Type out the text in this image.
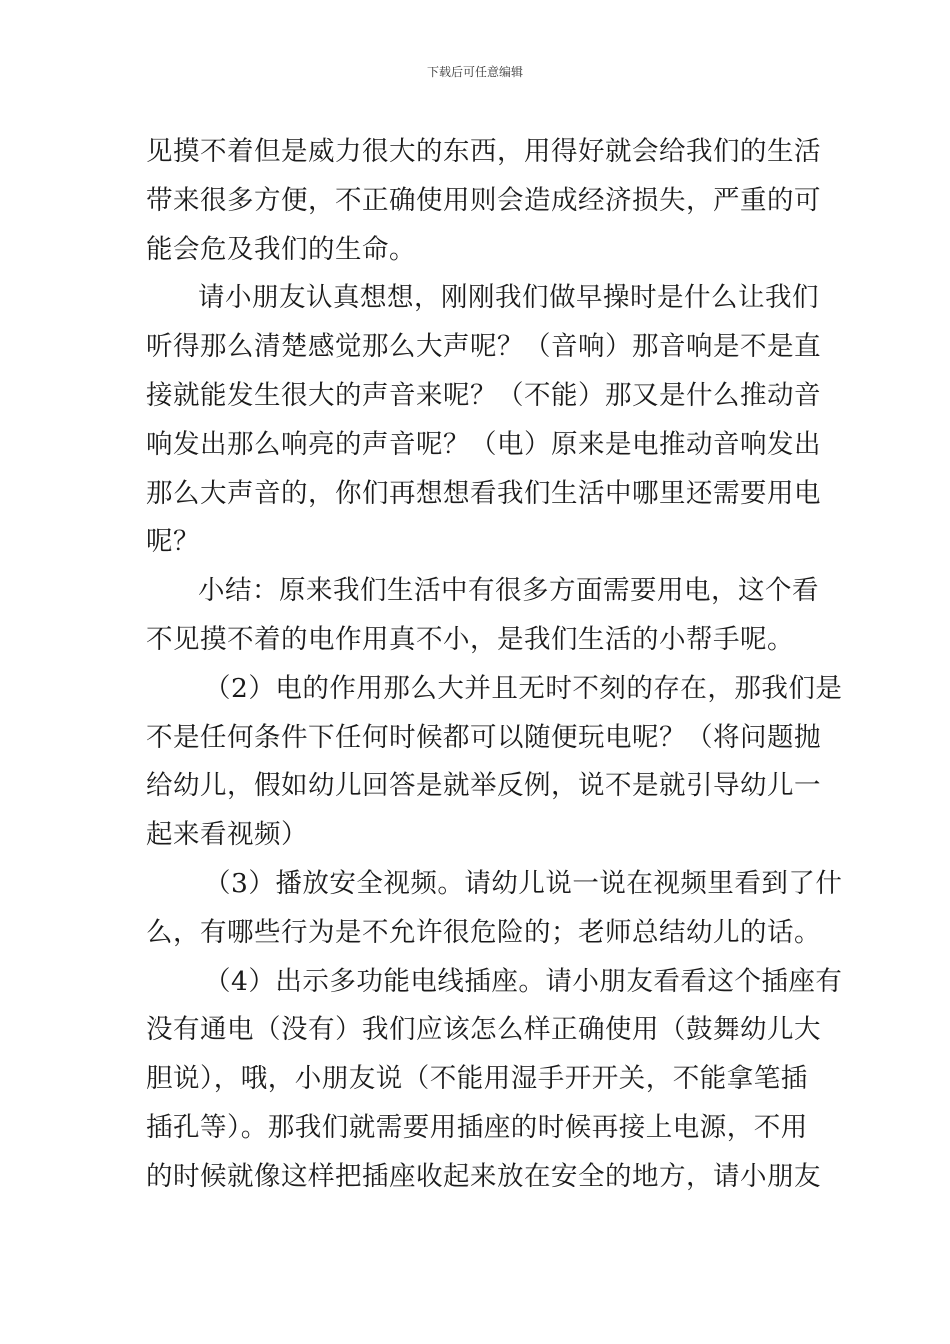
下载后可任意编辑
见摸不着但是威力很大的东西，用得好就会给我们的生活
带来很多方便，不正确使用则会造成经济损失，严重的可
能会危及我们的生命。
请小朋友认真想想，刚刚我们做早操时是什么让我们
听得那么清楚感觉那么大声呢？（音响）那音响是不是直
接就能发生很大的声音来呢？（不能）那又是什么推动音
响发出那么响亮的声音呢？（电）原来是电推动音响发出
那么大声音的，你们再想想看我们生活中哪里还需要用电
呢？
小结：原来我们生活中有很多方面需要用电，这个看
不见摸不着的电作用真不小，是我们生活的小帮手呢。
（2）电的作用那么大并且无时不刻的存在，那我们是
不是任何条件下任何时候都可以随便玩电呢？（将问题抛
给幼儿，假如幼儿回答是就举反例，说不是就引导幼儿一
起来看视频）
（3）播放安全视频。请幼儿说一说在视频里看到了什
么，有哪些行为是不允许很危险的；老师总结幼儿的话。
（4）出示多功能电线插座。请小朋友看看这个插座有
没有通电（没有）我们应该怎么样正确使用（鼓舞幼儿大
胆说），哦，小朋友说（不能用湿手开开关，不能拿笔插
插孔等）。那我们就需要用插座的时候再接上电源，不用
的时候就像这样把插座收起来放在安全的地方，请小朋友
